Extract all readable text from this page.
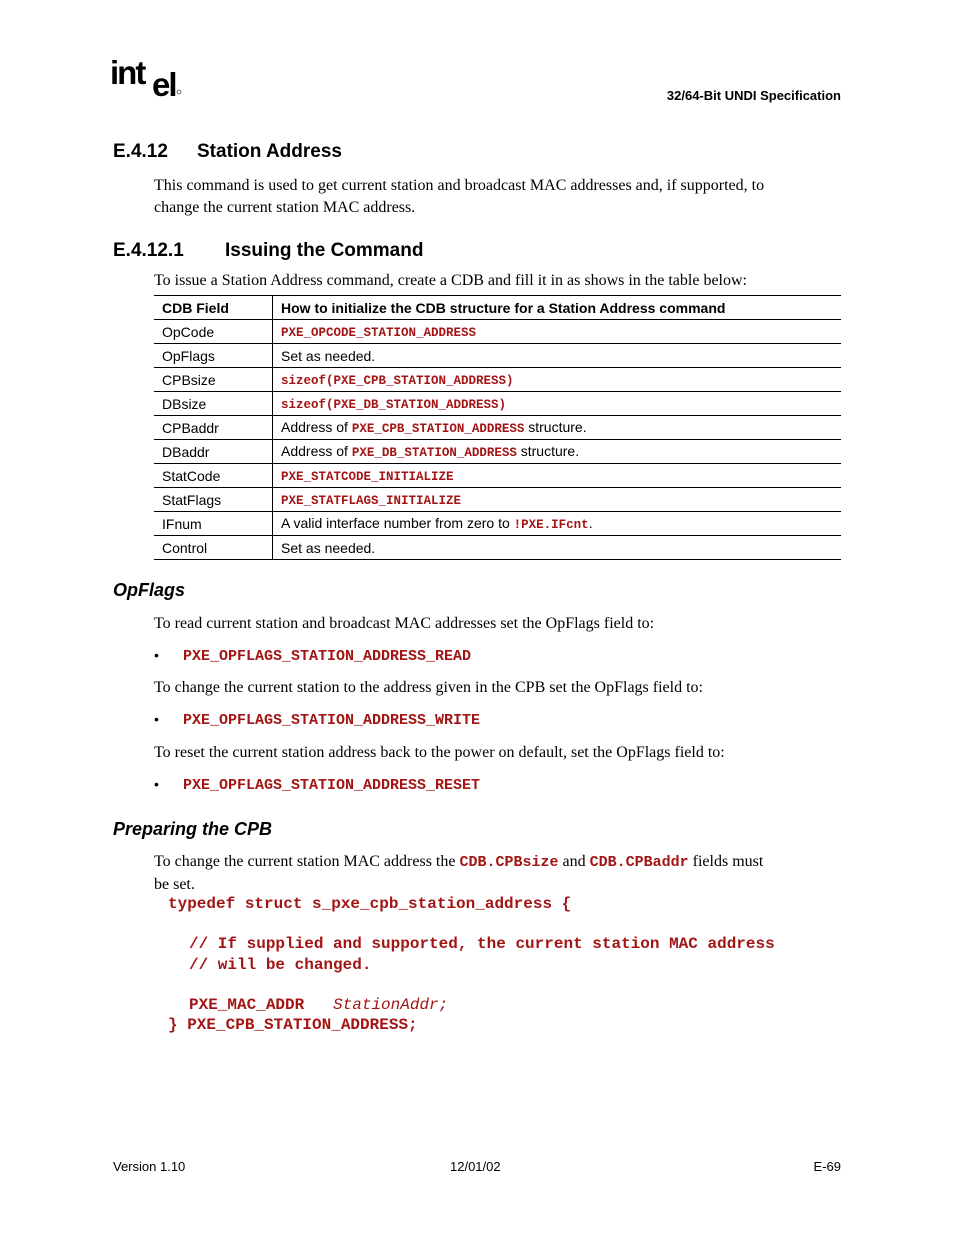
int el	32/64-Bit UNDI Specification
E.4.12 Station Address
This command is used to get current station and broadcast MAC addresses and, if supported, to
change the current station MAC address.
E.4.12.1 Issuing the Command
To issue a Station Address command, create a CDB and fill it in as shows in the table below:
CDB Field	How to initialize the CDB structure for a Station Address command
OpCode	PXE_OPCODE_STATION_ADDRESS
OpFlags	Set as needed.
CPBsize	sizeof(PXE_CPB_STATION_ADDRESS)
DBsize	sizeof(PXE_DB_STATION_ADDRESS)
CPBaddr	Address of PXE_CPB_STATION_ADDRESS structure.
DBaddr	Address of PXE_DB_STATION_ADDRESS structure.
StatCode	PXE_STATCODE_INITIALIZE
StatFlags	PXE_STATFLAGS_INITIALIZE
IFnum	A valid interface number from zero to !PXE.IFcnt.
Control	Set as needed.
OpFlags
To read current station and broadcast MAC addresses set the OpFlags field to:
• PXE_OPFLAGS_STATION_ADDRESS_READ
To change the current station to the address given in the CPB set the OpFlags field to:
• PXE_OPFLAGS_STATION_ADDRESS_WRITE
To reset the current station address back to the power on default, set the OpFlags field to:
• PXE_OPFLAGS_STATION_ADDRESS_RESET
Preparing the CPB
To change the current station MAC address the CDB.CPBsize and CDB.CPBaddr fields must
be set.
typedef struct s_pxe_cpb_station_address {
// If supplied and supported, the current station MAC address
// will be changed.
PXE_MAC_ADDR StationAddr;
} PXE_CPB_STATION_ADDRESS;
Version 1.10	12/01/02	E-69
